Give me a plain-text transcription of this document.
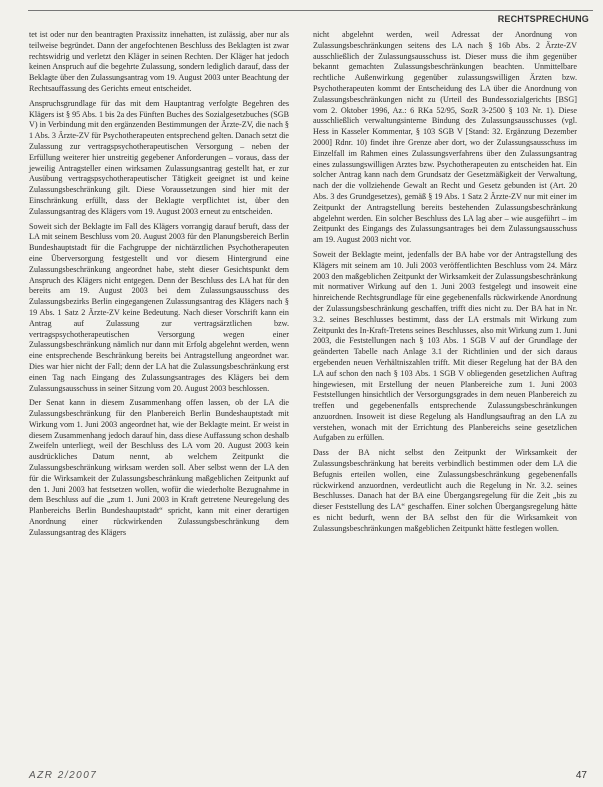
RECHTSPRECHUNG

tet ist oder nur den beantragten Praxissitz innehatten, ist zulässig, aber nur als teilweise begründet. Dann der angefochtenen Beschluss des Beklagten ist zwar rechtswidrig und verletzt den Kläger in seinen Rechten. Der Kläger hat jedoch keinen Anspruch auf die begehrte Zulassung, sondern lediglich darauf, dass der Beklagte über den Zulassungsantrag vom 19. August 2003 unter Beachtung der Rechtsauffassung des Gerichts erneut entscheidet.

Anspruchsgrundlage für das mit dem Hauptantrag verfolgte Begehren des Klägers ist § 95 Abs. 1 bis 2a des Fünften Buches des Sozialgesetzbuches (SGB V) in Verbindung mit den ergänzenden Bestimmungen der Ärzte-ZV, die nach § 1 Abs. 3 Ärzte-ZV für Psychotherapeuten entsprechend gelten. Danach setzt die Zulassung zur vertragspsychotherapeutischen Versorgung – neben der Erfüllung weiterer hier unstreitig gegebener Anforderungen – voraus, dass der jeweilig Antragsteller einen wirksamen Zulassungsantrag gestellt hat, er zur Ausübung vertragspsychotherapeutischer Tätigkeit geeignet ist und keine Zulassungsbeschränkung gilt. Diese Voraussetzungen sind hier mit der Einschränkung erfüllt, dass der Beklagte verpflichtet ist, über den Zulassungsantrag des Klägers vom 19. August 2003 erneut zu entscheiden.

Soweit sich der Beklagte im Fall des Klägers vorrangig darauf beruft, dass der LA mit seinem Beschluss vom 20. August 2003 für den Planungsbereich Berlin Bundeshauptstadt für die Fachgruppe der nichtärztlichen Psychotherapeuten eine Überversorgung festgestellt und vor diesem Hintergrund eine Zulassungsbeschränkung angeordnet habe, steht dieser Gesichtspunkt dem Anspruch des Klägers nicht entgegen. Denn der Beschluss des LA hat für den bereits am 19. August 2003 bei dem Zulassungsausschuss des Zulassungsbezirks Berlin eingegangenen Zulassungsantrag des Klägers nach § 19 Abs. 1 Satz 2 Ärzte-ZV keine Bedeutung. Nach dieser Vorschrift kann ein Antrag auf Zulassung zur vertragsärztlichen bzw. vertragspsychotherapeutischen Versorgung wegen einer Zulassungsbeschränkung nämlich nur dann mit Erfolg abgelehnt werden, wenn eine entsprechende Beschränkung bereits bei Antragstellung angeordnet war. Dies war hier nicht der Fall; denn der LA hat die Zulassungsbeschränkung erst einen Tag nach Eingang des Zulassungsantrages des Klägers bei dem Zulassungsausschuss in seiner Sitzung vom 20. August 2003 beschlossen.

Der Senat kann in diesem Zusammenhang offen lassen, ob der LA die Zulassungsbeschränkung für den Planbereich Berlin Bundeshauptstadt mit Wirkung vom 1. Juni 2003 angeordnet hat, wie der Beklagte meint. Er weist in diesem Zusammenhang jedoch darauf hin, dass diese Auffassung schon deshalb Zweifeln unterliegt, weil der Beschluss des LA vom 20. August 2003 kein ausdrückliches Datum nennt, ab welchem Zeitpunkt die Zulassungsbeschränkung wirksam werden soll. Aber selbst wenn der LA den für die Wirksamkeit der Zulassungsbeschränkung maßgeblichen Zeitpunkt auf den 1. Juni 2003 hat festsetzen wollen, wofür die wiederholte Bezugnahme in dem Beschluss auf die „zum 1. Juni 2003 in Kraft getretene Neuregelung des Planbereichs Berlin Bundeshauptstadt“ spricht, kann mit einer derartigen Anordnung einer rückwirkenden Zulassungsbeschränkung dem Zulassungsantrag des Klägers

nicht abgelehnt werden, weil Adressat der Anordnung von Zulassungsbeschränkungen seitens des LA nach § 16b Abs. 2 Ärzte-ZV ausschließlich der Zulassungsausschuss ist. Dieser muss die ihm gegenüber bekannt gemachten Zulassungsbeschränkungen beachten. Unmittelbare rechtliche Außenwirkung gegenüber zulassungswilligen Ärzten bzw. Psychotherapeuten kommt der Entscheidung des LA über die Anordnung von Zulassungsbeschränkungen nicht zu (Urteil des Bundessozialgerichts [BSG] vom 2. Oktober 1996, Az.: 6 RKa 52/95, SozR 3-2500 § 103 Nr. 1). Diese ausschließlich verwaltungsinterne Bindung des Zulassungsausschusses (vgl. Hess in Kasseler Kommentar, § 103 SGB V [Stand: 32. Ergänzung Dezember 2000] Rdnr. 10) findet ihre Grenze aber dort, wo der Zulassungsausschuss im Einzelfall im Rahmen eines Zulassungsverfahrens über den Zulassungsantrag eines zulassungswilligen Arztes bzw. Psychotherapeuten zu entscheiden hat. Ein solcher Antrag kann nach dem Grundsatz der Gesetzmäßigkeit der Verwaltung, nach der die vollziehende Gewalt an Recht und Gesetz gebunden ist (Art. 20 Abs. 3 des Grundgesetzes), gemäß § 19 Abs. 1 Satz 2 Ärzte-ZV nur mit einer im Zeitpunkt der Antragstellung bereits bestehenden Zulassungsbeschränkung abgelehnt werden. Ein solcher Beschluss des LA lag aber – wie ausgeführt – im Zeitpunkt des Eingangs des Zulassungsantrages bei dem Zulassungsausschuss am 19. August 2003 nicht vor.

Soweit der Beklagte meint, jedenfalls der BA habe vor der Antragstellung des Klägers mit seinem am 10. Juli 2003 veröffentlichten Beschluss vom 24. März 2003 den maßgeblichen Zeitpunkt der Wirksamkeit der Zulassungsbeschränkung mit normativer Wirkung auf den 1. Juni 2003 festgelegt und insoweit eine hinreichende Rechtsgrundlage für eine gegebenenfalls rückwirkende Anordnung der Zulassungsbeschränkung geschaffen, trifft dies nicht zu. Der BA hat in Nr. 3.2. seines Beschlusses bestimmt, dass der LA erstmals mit Wirkung zum Zeitpunkt des In-Kraft-Tretens seines Beschlusses, also mit Wirkung zum 1. Juni 2003, die Feststellungen nach § 103 Abs. 1 SGB V auf der Grundlage der geänderten Tabelle nach Anlage 3.1 der Richtlinien und der sich daraus ergebenden neuen Verhältniszahlen trifft. Mit dieser Regelung hat der BA den LA auf schon den nach § 103 Abs. 1 SGB V obliegenden gesetzlichen Auftrag hingewiesen, mit Erstellung der neuen Planbereiche zum 1. Juni 2003 Feststellungen hinsichtlich der Versorgungsgrades in dem neuen Planbereich zu treffen und gegebenenfalls entsprechende Zulassungsbeschränkungen anzuordnen. Insoweit ist diese Regelung als Handlungsauftrag an den LA zu verstehen, wonach mit der Errichtung des Planbereichs seine gesetzlichen Aufgaben zu erfüllen.

Dass der BA nicht selbst den Zeitpunkt der Wirksamkeit der Zulassungsbeschränkung hat bereits verbindlich bestimmen oder dem LA die Befugnis erteilen wollen, eine Zulassungsbeschränkung gegebenenfalls rückwirkend anzuordnen, verdeutlicht auch die Regelung in Nr. 3.2. seines Beschlusses. Danach hat der BA eine Übergangsregelung für die Zeit „bis zu dieser Feststellung des LA“ geschaffen. Einer solchen Übergangsregelung hätte es nicht bedurft, wenn der BA selbst den für die Wirksamkeit von Zulassungsbeschränkungen maßgeblichen Zeitpunkt hätte festlegen wollen.

AZR 2/2007	47
